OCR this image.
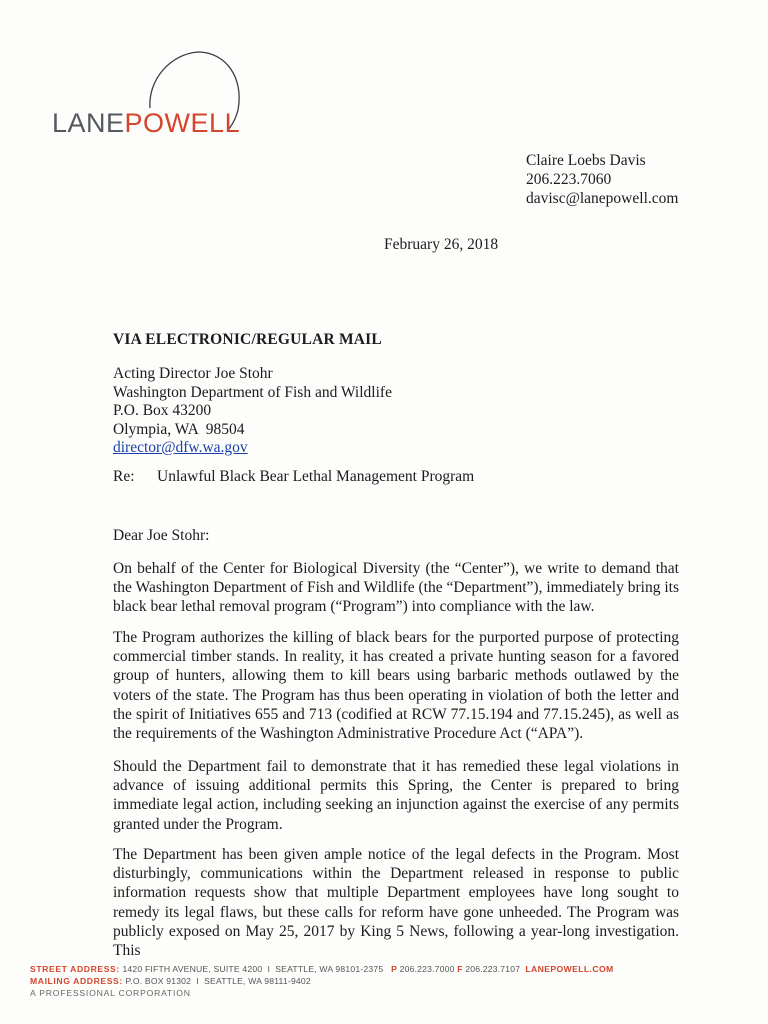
LANEPOWELL
Claire Loebs Davis
206.223.7060
davisc@lanepowell.com
February 26, 2018
VIA ELECTRONIC/REGULAR MAIL
Acting Director Joe Stohr
Washington Department of Fish and Wildlife
P.O. Box 43200
Olympia, WA  98504
director@dfw.wa.gov
Re: Unlawful Black Bear Lethal Management Program
Dear Joe Stohr:

On behalf of the Center for Biological Diversity (the “Center”), we write to demand that the Washington Department of Fish and Wildlife (the “Department”), immediately bring its black bear lethal removal program (“Program”) into compliance with the law.

The Program authorizes the killing of black bears for the purported purpose of protecting commercial timber stands. In reality, it has created a private hunting season for a favored group of hunters, allowing them to kill bears using barbaric methods outlawed by the voters of the state. The Program has thus been operating in violation of both the letter and the spirit of Initiatives 655 and 713 (codified at RCW 77.15.194 and 77.15.245), as well as the requirements of the Washington Administrative Procedure Act (“APA”).

Should the Department fail to demonstrate that it has remedied these legal violations in advance of issuing additional permits this Spring, the Center is prepared to bring immediate legal action, including seeking an injunction against the exercise of any permits granted under the Program.

The Department has been given ample notice of the legal defects in the Program. Most disturbingly, communications within the Department released in response to public information requests show that multiple Department employees have long sought to remedy its legal flaws, but these calls for reform have gone unheeded. The Program was publicly exposed on May 25, 2017 by King 5 News, following a year-long investigation. This

STREET ADDRESS: 1420 FIFTH AVENUE, SUITE 4200  I  SEATTLE, WA 98101-2375 P 206.223.7000 F 206.223.7107 LANEPOWELL.COM
MAILING ADDRESS: P.O. BOX 91302  I  SEATTLE, WA 98111-9402
A PROFESSIONAL CORPORATION
